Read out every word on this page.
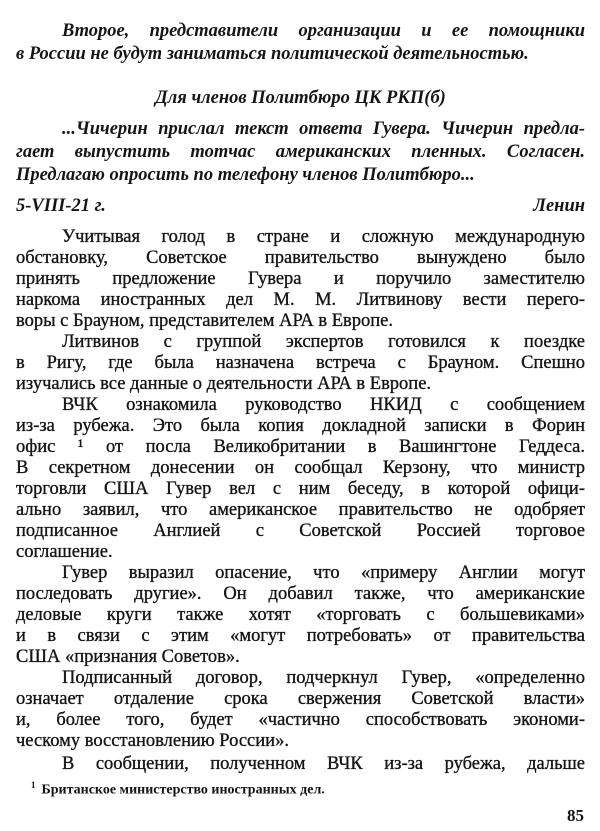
Второе, представители организации и ее помощники
в России не будут заниматься политической деятельностью.
Для членов Политбюро ЦК РКП(б)
...Чичерин прислал текст ответа Гувера. Чичерин предла-
гает выпустить тотчас американских пленных. Согласен.
Предлагаю опросить по телефону членов Политбюро...
5-VIII-21 г.	Ленин
Учитывая голод в стране и сложную международную
обстановку, Советское правительство вынуждено было
принять предложение Гувера и поручило заместителю
наркома иностранных дел М. М. Литвинову вести перего-
воры с Брауном, представителем АРА в Европе.
Литвинов с группой экспертов готовился к поездке
в Ригу, где была назначена встреча с Брауном. Спешно
изучались все данные о деятельности АРА в Европе.
ВЧК ознакомила руководство НКИД с сообщением
из-за рубежа. Это была копия докладной записки в Форин
офис ¹ от посла Великобритании в Вашингтоне Геддеса.
В секретном донесении он сообщал Керзону, что министр
торговли США Гувер вел с ним беседу, в которой офици-
ально заявил, что американское правительство не одобряет
подписанное Англией с Советской Россией торговое
соглашение.
Гувер выразил опасение, что «примеру Англии могут
последовать другие». Он добавил также, что американские
деловые круги также хотят «торговать с большевиками»
и в связи с этим «могут потребовать» от правительства
США «признания Советов».
Подписанный договор, подчеркнул Гувер, «определенно
означает отдаление срока свержения Советской власти»
и, более того, будет «частично способствовать экономи-
ческому восстановлению России».
В сообщении, полученном ВЧК из-за рубежа, дальше
$^1$ Британское министерство иностранных дел.
85
